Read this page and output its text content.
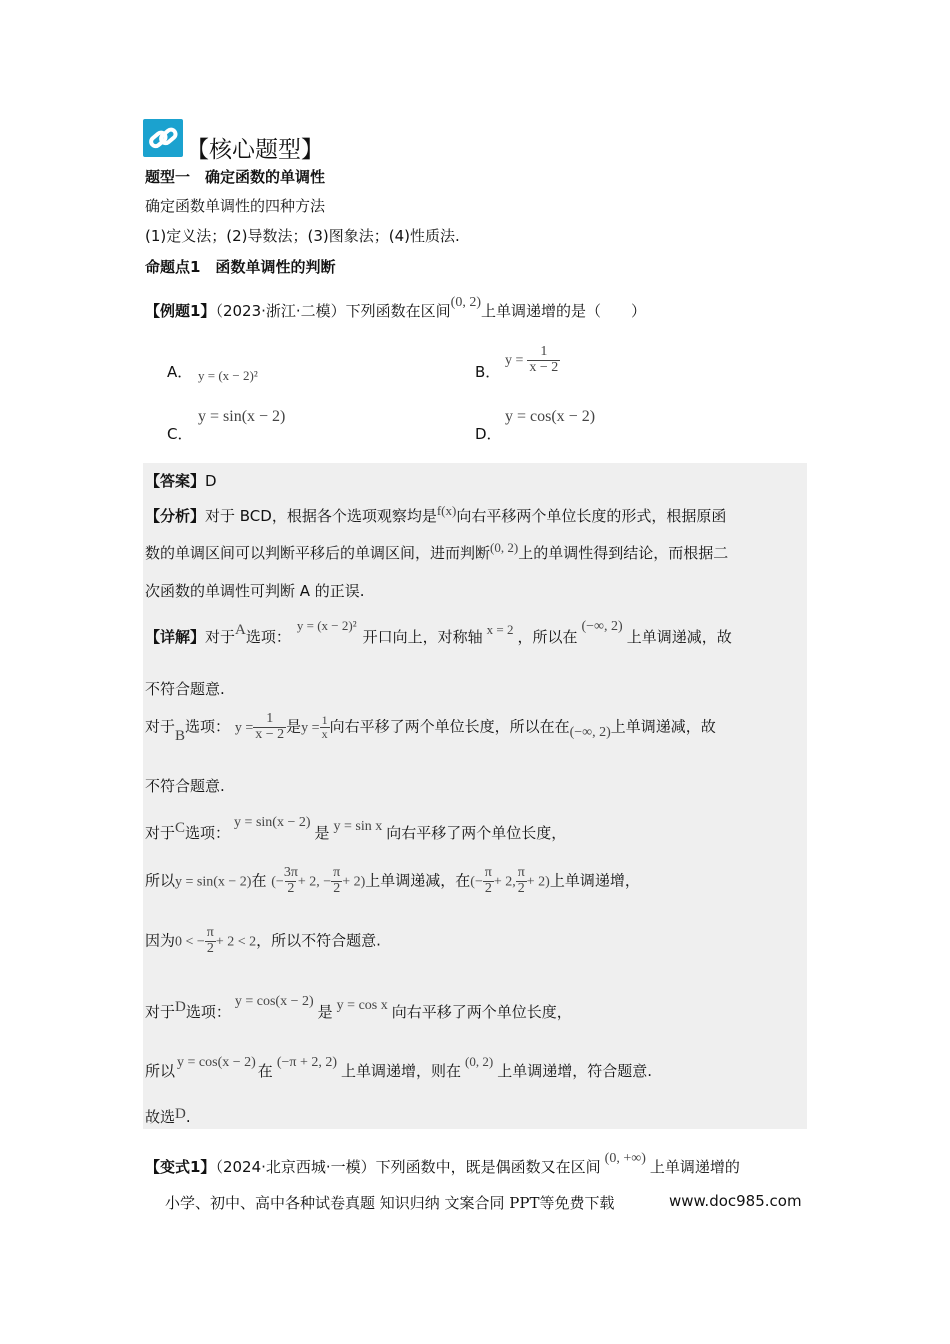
【核心题型】
题型一　确定函数的单调性
确定函数单调性的四种方法
(1)定义法；(2)导数法；(3)图象法；(4)性质法.
命题点1　函数单调性的判断
【例题1】（2023·浙江·二模）下列函数在区间(0, 2)上单调递增的是（　　）
A． y = (x − 2)²	B．
$y = \frac{1}{x - 2}$
C．
y = sin(x − 2)
D．
y = cos(x − 2)
【答案】D
【分析】对于 BCD，根据各个选项观察均是f(x)向右平移两个单位长度的形式，根据原函
数的单调区间可以判断平移后的单调区间，进而判断(0, 2)上的单调性得到结论，而根据二
次函数的单调性可判断 A 的正误.
【详解】对于A选项：y = (x − 2)²开口向上，对称轴 x = 2 ，所以在(−∞, 2)上单调递减，故
不符合题意.
对于B选项： $y = \frac{1}{x - 2}$ 是$y = \frac{1}{x}$ 向右平移了两个单位长度，所以在在(−∞, 2)上单调递减，故
不符合题意.
对于C选项：y = sin(x − 2)是 y = sin x 向右平移了两个单位长度，
所以y = sin(x − 2)在 (− $\frac{3\pi}{2} + 2$, − $\frac{\pi}{2} + 2$)上单调递减，在(− $\frac{\pi}{2} + 2$, $\frac{\pi}{2} + 2$)上单调递增，
因为0 < − $\frac{\pi}{2} + 2 < 2$，所以不符合题意.
对于D选项：y = cos(x − 2)是 y = cos x 向右平移了两个单位长度，
所以 y = cos(x − 2) 在 (−π + 2, 2) 上单调递增，则在(0, 2)上单调递增，符合题意.
故选D.
【变式1】（2024·北京西城·一模）下列函数中，既是偶函数又在区间 (0, +∞) 上单调递增的
小学、初中、高中各种试卷真题 知识归纳 文案合同 PPT等免费下载	www.doc985.com
